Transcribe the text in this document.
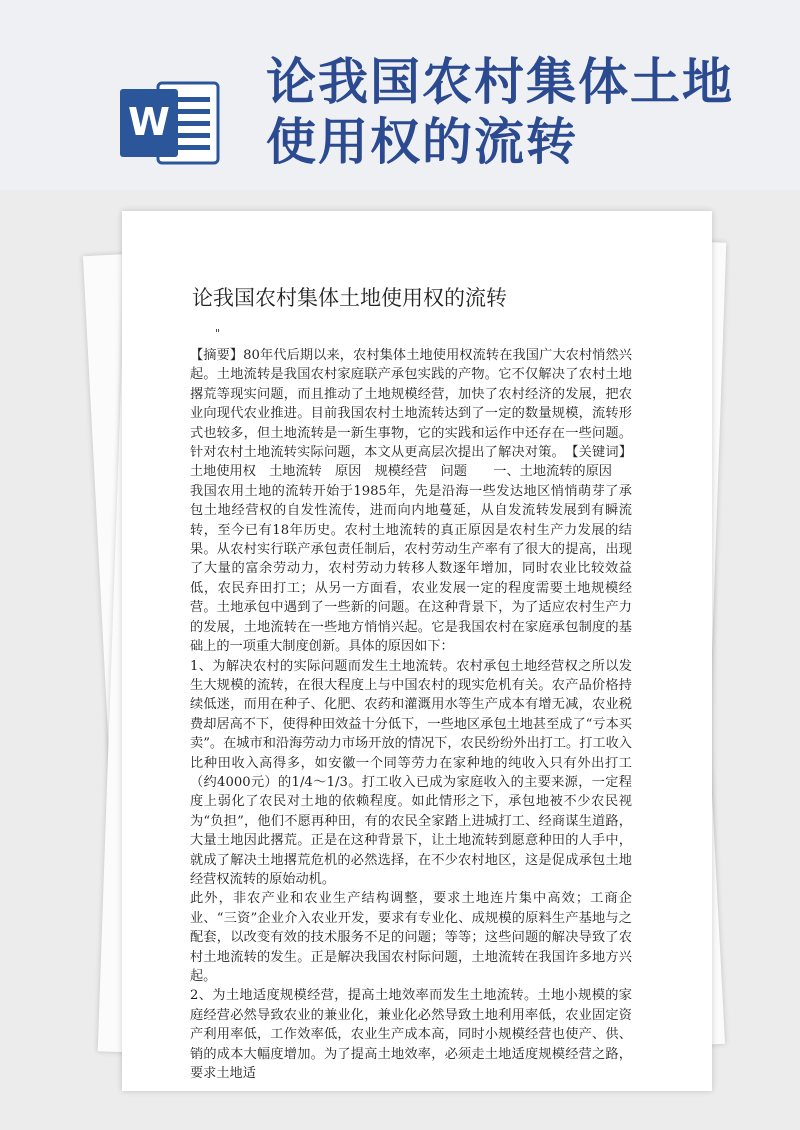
W
论我国农村集体土地使用权的流转
论我国农村集体土地使用权的流转
"

【摘要】80年代后期以来，农村集体土地使用权流转在我国广大农村悄然兴起。土地流转是我国农村家庭联产承包实践的产物。它不仅解决了农村土地撂荒等现实问题，而且推动了土地规模经营，加快了农村经济的发展，把农业向现代农业推进。目前我国农村土地流转达到了一定的数量规模，流转形式也较多，但土地流转是一新生事物，它的实践和运作中还存在一些问题。针对农村土地流转实际问题，本文从更高层次提出了解决对策。　【关键词】土地使用权　土地流转　原因　规模经营　问题　　一、土地流转的原因

我国农用土地的流转开始于1985年，先是沿海一些发达地区悄悄萌芽了承包土地经营权的自发性流传，进而向内地蔓延，从自发流转发展到有瞬流转，至今已有18年历史。农村土地流转的真正原因是农村生产力发展的结果。从农村实行联产承包责任制后，农村劳动生产率有了很大的提高，出现了大量的富余劳动力，农村劳动力转移人数逐年增加，同时农业比较效益低，农民弃田打工；从另一方面看，农业发展一定的程度需要土地规模经营。土地承包中遇到了一些新的问题。在这种背景下，为了适应农村生产力的发展，土地流转在一些地方悄悄兴起。它是我国农村在家庭承包制度的基础上的一项重大制度创新。具体的原因如下：

1、为解决农村的实际问题而发生土地流转。农村承包土地经营权之所以发生大规模的流转，在很大程度上与中国农村的现实危机有关。农产品价格持续低迷，而用在种子、化肥、农药和灌溉用水等生产成本有增无减，农业税费却居高不下，使得种田效益十分低下，一些地区承包土地甚至成了“亏本买卖”。在城市和沿海劳动力市场开放的情况下，农民纷纷外出打工。打工收入比种田收入高得多，如安徽一个同等劳力在家种地的纯收入只有外出打工（约4000元）的1/4～1/3。打工收入已成为家庭收入的主要来源，一定程度上弱化了农民对土地的依赖程度。如此情形之下，承包地被不少农民视为“负担”，他们不愿再种田，有的农民全家踏上进城打工、经商谋生道路，大量土地因此撂荒。正是在这种背景下，让土地流转到愿意种田的人手中，就成了解决土地撂荒危机的必然选择，在不少农村地区，这是促成承包土地经营权流转的原始动机。

此外，非农产业和农业生产结构调整，要求土地连片集中高效；工商企业、“三资”企业介入农业开发，要求有专业化、成规模的原料生产基地与之配套，以改变有效的技术服务不足的问题；等等；这些问题的解决导致了农村土地流转的发生。正是解决我国农村际问题，土地流转在我国许多地方兴起。

2、为土地适度规模经营，提高土地效率而发生土地流转。土地小规模的家庭经营必然导致农业的兼业化，兼业化必然导致土地利用率低，农业固定资产利用率低，工作效率低，农业生产成本高，同时小规模经营也使产、供、销的成本大幅度增加。为了提高土地效率，必须走土地适度规模经营之路，要求土地适
